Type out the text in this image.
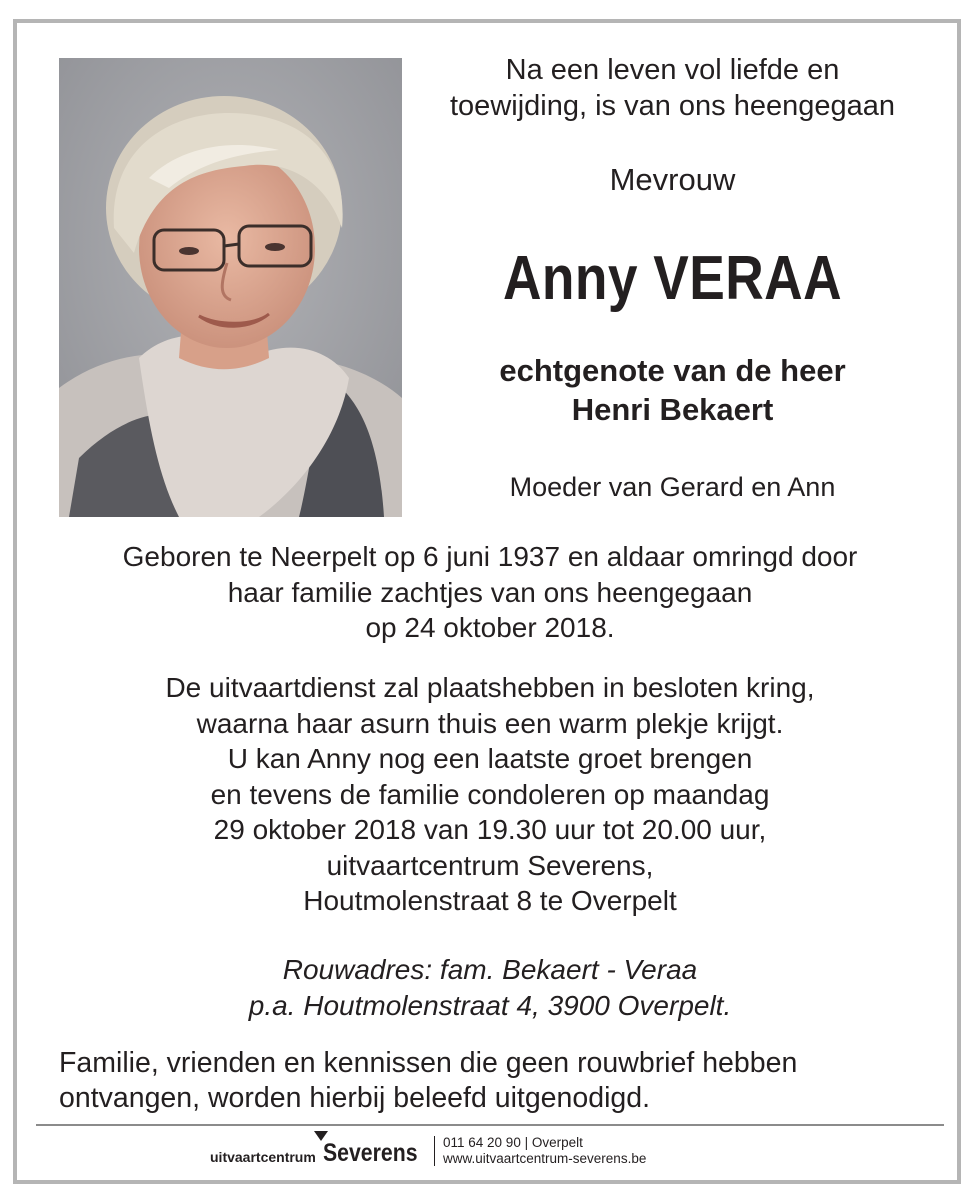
Na een leven vol liefde en
toewijding, is van ons heengegaan
Mevrouw
Anny VERAA
echtgenote van de heer
Henri Bekaert
Moeder van Gerard en Ann
Geboren te Neerpelt op 6 juni 1937 en aldaar omringd door
haar familie zachtjes van ons heengegaan
op 24 oktober 2018.
De uitvaartdienst zal plaatshebben in besloten kring,
waarna haar asurn thuis een warm plekje krijgt.
U kan Anny nog een laatste groet brengen
en tevens de familie condoleren op maandag
29 oktober 2018 van 19.30 uur tot 20.00 uur,
uitvaartcentrum Severens,
Houtmolenstraat 8 te Overpelt
Rouwadres: fam. Bekaert - Veraa
p.a. Houtmolenstraat 4, 3900 Overpelt.
Familie, vrienden en kennissen die geen rouwbrief hebben
ontvangen, worden hierbij beleefd uitgenodigd.
uitvaartcentrum Severens 011 64 20 90 | Overpelt
www.uitvaartcentrum-severens.be
